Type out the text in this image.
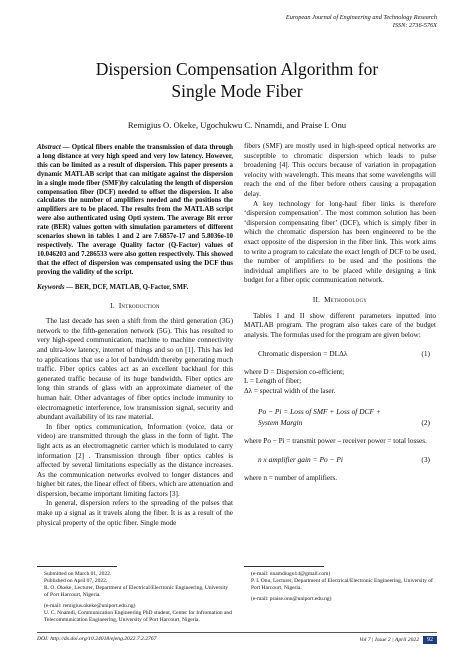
European Journal of Engineering and Technology Research
ISSN: 2736-576X
Dispersion Compensation Algorithm for
Single Mode Fiber
Remigius O. Okeke, Ugochukwu C. Nnamdi, and Praise I. Onu
Abstract — Optical fibers enable the transmission of data through a long distance at very high speed and very low latency. However, this can be limited as a result of dispersion. This paper presents a dynamic MATLAB script that can mitigate against the dispersion in a single mode fiber (SMF)by calculating the length of dispersion compensation fiber (DCF) needed to offset the dispersion. It also calculates the number of amplifiers needed and the positions the amplifiers are to be placed. The results from the MATLAB script were also authenticated using Opti system. The average Bit error rate (BER) values gotten with simulation parameters of different scenarios shown in tables 1 and 2 are 7.6857e-17 and 5.8036e-10 respectively. The average Quality factor (Q-Factor) values of 10.046203 and 7.286533 were also gotten respectively. This showed that the effect of dispersion was compensated using the DCF thus proving the validity of the script.
Keywords — BER, DCF, MATLAB, Q-Factor, SMF.
I. Introduction

The last decade has seen a shift from the third generation (3G) network to the fifth-generation network (5G). This has resulted to very high-speed communication, machine to machine connectivity and ultra-low latency, internet of things and so on [1]. This has led to applications that use a lot of bandwidth thereby generating much traffic. Fiber optics cables act as an excellent backhaul for this generated traffic because of its huge bandwidth. Fiber optics are long thin strands of glass with an approximate diameter of the human hair. Other advantages of fiber optics include immunity to electromagnetic interference, low transmission signal, security and abundant availability of its raw material.

In fiber optics communication, Information (voice, data or video) are transmitted through the glass in the form of light. The light acts as an electromagnetic carrier which is modulated to carry information [2] . Transmission through fiber optics cables is affected by several limitations especially as the distance increases. As the communication networks evolved to longer distances and higher bit rates, the linear effect of fibers, which are attenuation and dispersion, became important limiting factors [3].

In general, dispersion refers to the spreading of the pulses that make up a signal as it travels along the fiber. It is as a result of the physical property of the optic fiber. Single mode

fibers (SMF) are mostly used in high-speed optical networks are susceptible to chromatic dispersion which leads to pulse broadening [4]. This occurs because of variation in propagation velocity with wavelength. This means that some wavelengths will reach the end of the fiber before others causing a propagation delay.

A key technology for long-haul fiber links is therefore ‘dispersion compensation’. The most common solution has been ‘dispersion compensating fiber’ (DCF), which is simply fiber in which the chromatic dispersion has been engineered to be the exact opposite of the dispersion in the fiber link. This work aims to write a program to calculate the exact length of DCF to be used, the number of amplifiers to be used and the positions the individual amplifiers are to be placed while designing a link budget for a fiber optic communication network.

II. Methodology

Tables I and II show different parameters inputted into MATLAB program. The program also takes care of the budget analysis. The formulas used for the program are given below:

Chromatic dispersion = DLΔλ	(1)
where D = Dispersion co-efficient;
L = Length of fiber;
Δλ = spectral width of the laser.
Po − Pi = Loss of SMF + Loss of DCF +
System Margin	(2)

where Po − Pi = transmit power – receiver power = total losses.

n x amplifier gain = Po − Pi	(3)

where n = number of amplifiers.

Submitted on March 01, 2022.

Published on April 07, 2022.

R. O. Okeke, Lecturer, Department of Electrical/Electronic Engineering, University of Port Harcourt, Nigeria.

(e-mail: remigius.okeke@uniport.edu.ng)

U. C. Nnamdi, Communication Engineering PhD student, Center for Infromation and Telecommunication Engineering, University of Port Harcourt, Nigeria.

(e-mail: nnamdiugo14@gmail.com)

P. I. Onu, Lecturer, Department of Electrical/Electronic Engineering, University of Port Harcourt, Nigeria.

(e-mail: praise.onu@uniport.edu.ng)

DOI: http://dx.doi.org/10.24018/ejeng.2022.7.2.2767	Vol 7 | Issue 2 | April 2022	92
